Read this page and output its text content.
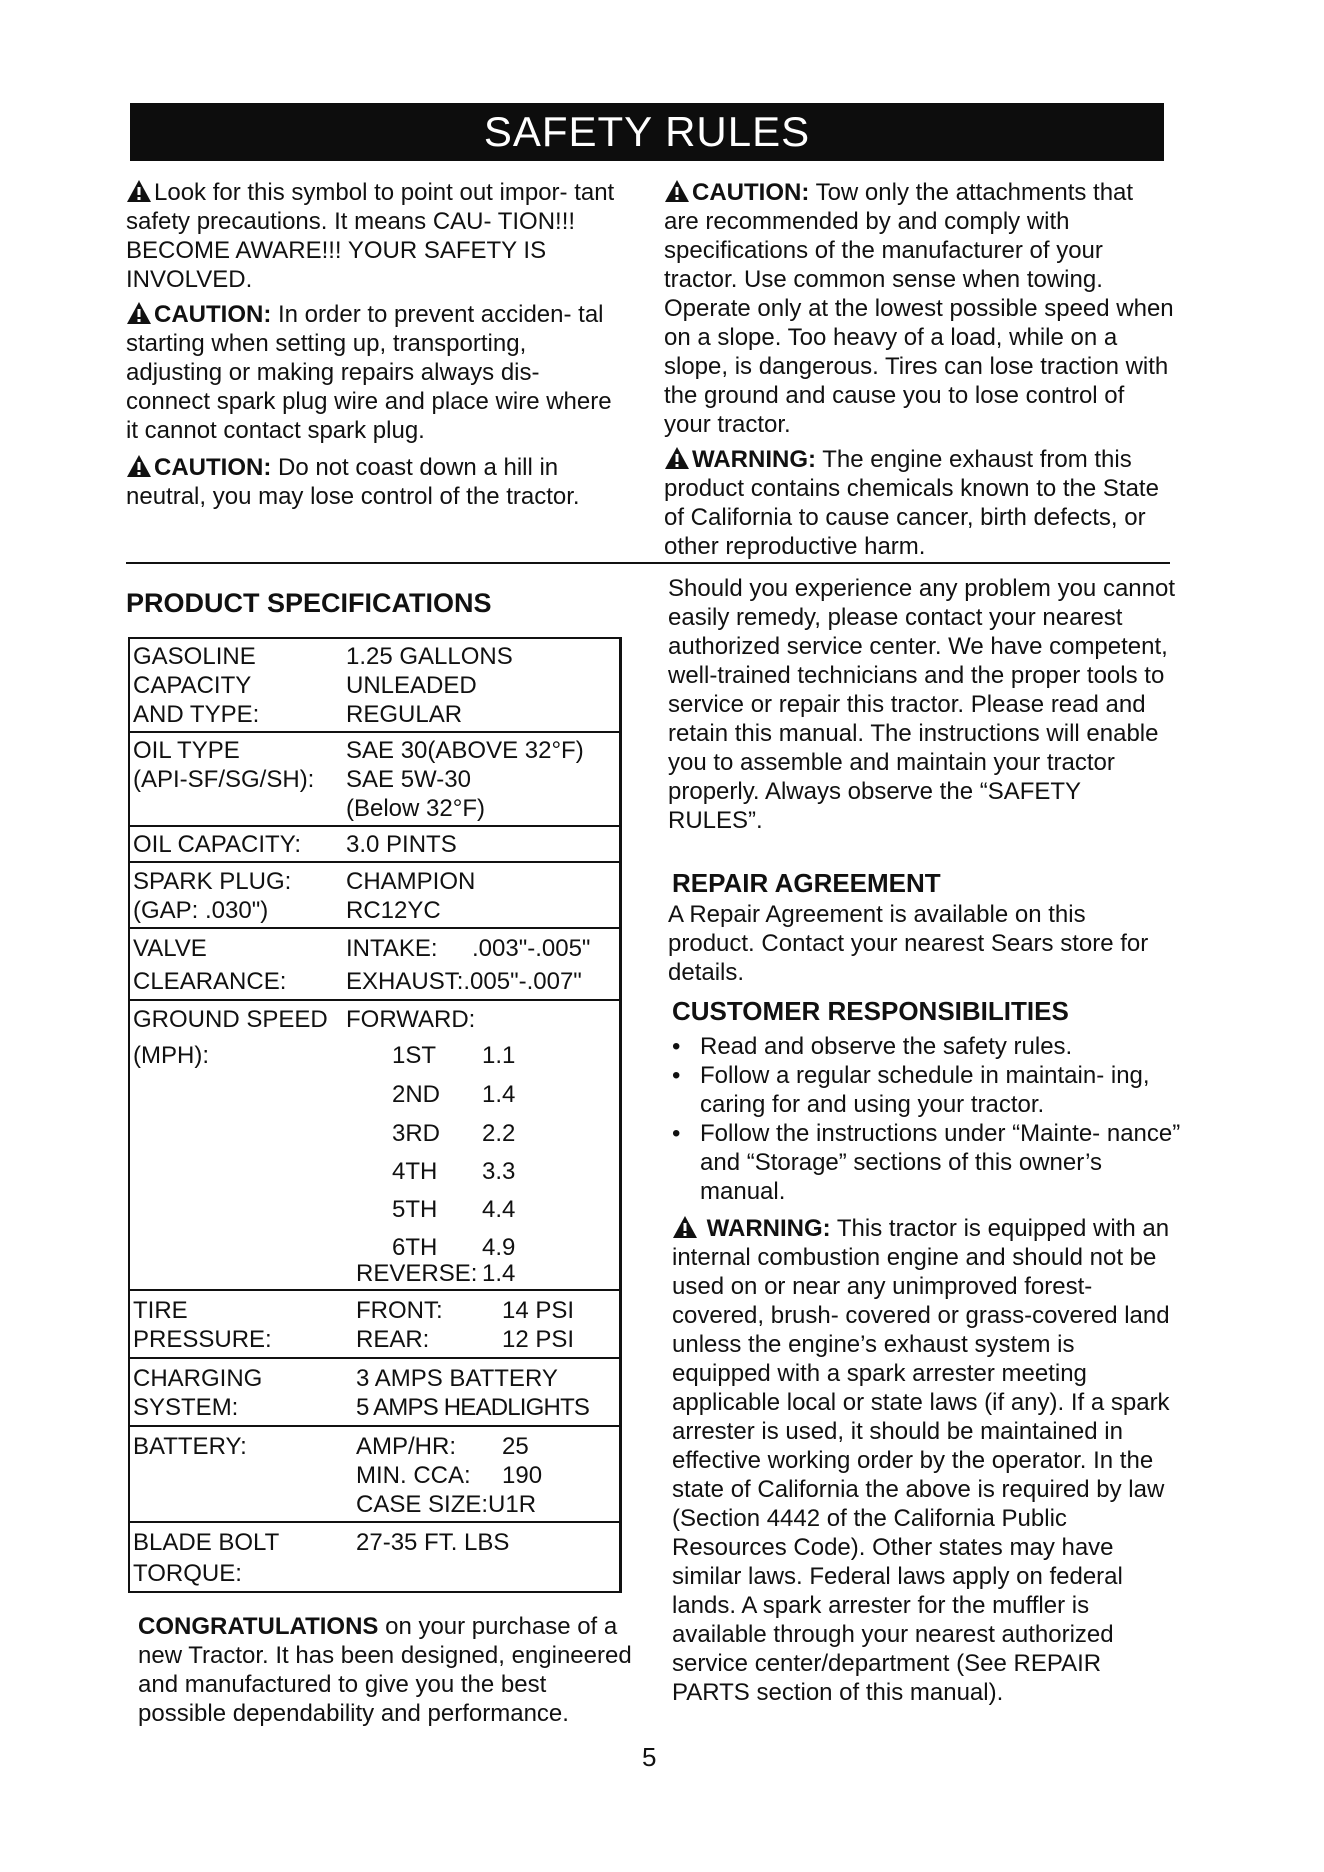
SAFETY RULES

Look for this symbol to point out impor- tant safety precautions. It means CAU- TION!!! BECOME AWARE!!! YOUR SAFETY IS INVOLVED.

CAUTION: In order to prevent acciden- tal starting when setting up, transporting, adjusting or making repairs always dis- connect spark plug wire and place wire where it cannot contact spark plug.

CAUTION: Do not coast down a hill in neutral, you may lose control of the tractor.

CAUTION: Tow only the attachments that are recommended by and comply with specifications of the manufacturer of your tractor. Use common sense when towing. Operate only at the lowest possible speed when on a slope. Too heavy of a load, while on a slope, is dangerous. Tires can lose traction with the ground and cause you to lose control of your tractor.

WARNING: The engine exhaust from this product contains chemicals known to the State of California to cause cancer, birth defects, or other reproductive harm.

PRODUCT SPECIFICATIONS
GASOLINE
CAPACITY
AND TYPE:
1.25 GALLONS
UNLEADED
REGULAR
OIL TYPE
(API-SF/SG/SH):
SAE 30(ABOVE 32°F)
SAE 5W-30
(Below 32°F)
OIL CAPACITY: 3.0 PINTS
SPARK PLUG:
(GAP: .030")
CHAMPION
RC12YC
VALVE
CLEARANCE:
INTAKE: .003"-.005"
EXHAUST:.005"-.007"
GROUND SPEED
(MPH):
FORWARD:
1ST 1.1
2ND 1.4
3RD 2.2
4TH 3.3
5TH 4.4
6TH 4.9
REVERSE: 1.4
TIRE
PRESSURE:
FRONT: 14 PSI
REAR:	12 PSI
CHARGING
SYSTEM:
3 AMPS BATTERY
5 AMPS HEADLIGHTS
BATTERY:	AMP/HR: 25
MIN. CCA: 190
CASE SIZE:U1R
BLADE BOLT
TORQUE:
27-35 FT. LBS

CONGRATULATIONS on your purchase of a new Tractor. It has been designed, engineered and manufactured to give you the best possible dependability and performance.

Should you experience any problem you cannot easily remedy, please contact your nearest authorized service center. We have competent, well-trained technicians and the proper tools to service or repair this tractor. Please read and retain this manual. The instructions will enable you to assemble and maintain your tractor properly. Always observe the “SAFETY RULES”.

REPAIR AGREEMENT

A Repair Agreement is available on this product. Contact your nearest Sears store for details.

CUSTOMER RESPONSIBILITIES
• Read and observe the safety rules.
• Follow a regular schedule in maintain- ing, caring for and using your tractor.
• Follow the instructions under “Mainte- nance” and “Storage” sections of this owner’s manual.

WARNING: This tractor is equipped with an internal combustion engine and should not be used on or near any unimproved forest-covered, brush- covered or grass-covered land unless the engine’s exhaust system is equipped with a spark arrester meeting applicable local or state laws (if any). If a spark arrester is used, it should be maintained in effective working order by the operator. In the state of California the above is required by law (Section 4442 of the California Public Resources Code). Other states may have similar laws. Federal laws apply on federal lands. A spark arrester for the muffler is available through your nearest authorized service center/department (See REPAIR PARTS section of this manual).

5
